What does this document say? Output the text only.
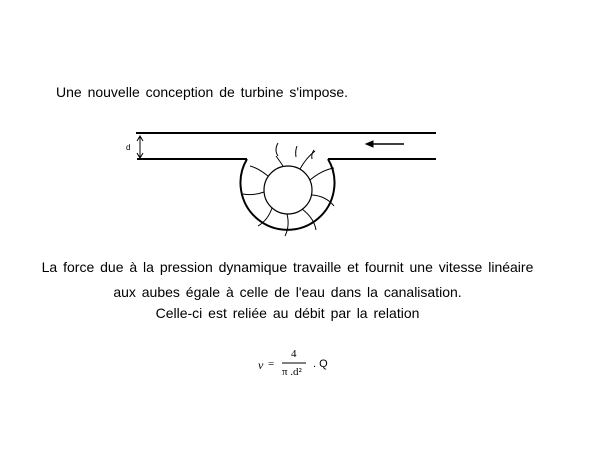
Une nouvelle conception de turbine s'impose.
d
La force due à la pression dynamique travaille et fournit une vitesse linéaire
aux aubes égale à celle de l'eau dans la canalisation.
Celle-ci est reliée au débit par la relation
ν =
4
π .d²
. Q
